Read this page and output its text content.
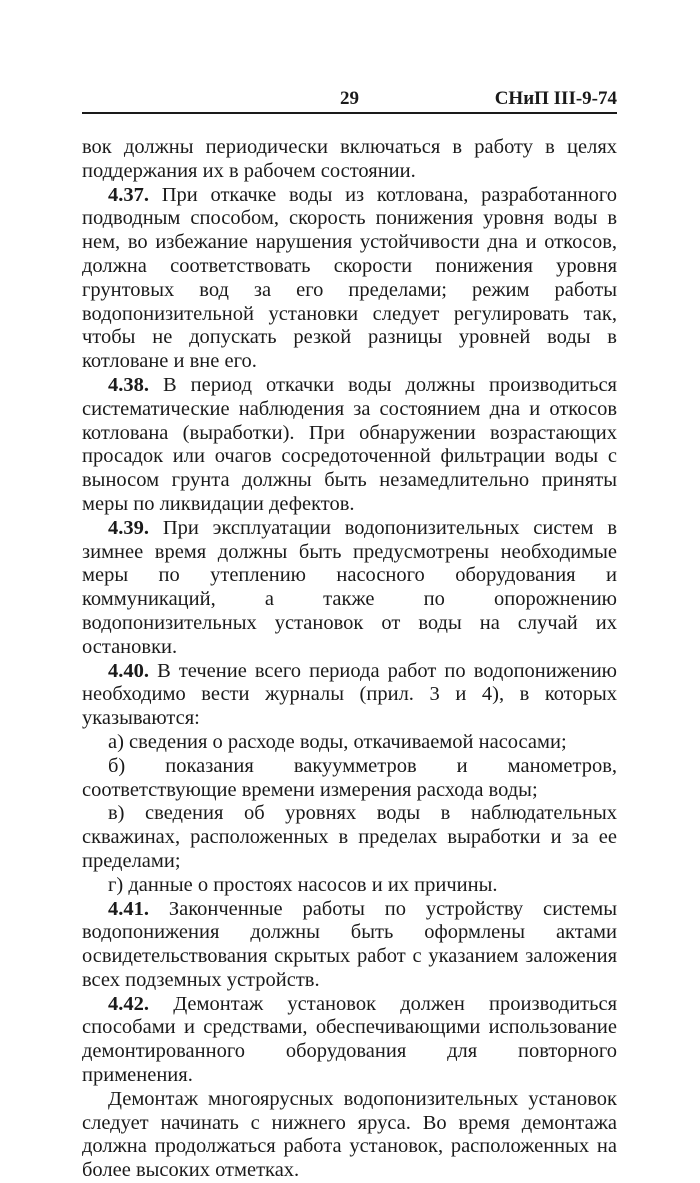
29	СНиП III-9-74

вок должны периодически включаться в работу в целях поддержания их в рабочем состоянии.

4.37. При откачке воды из котлована, разработанного подводным способом, скорость понижения уровня воды в нем, во избежание нарушения устойчивости дна и откосов, должна соответствовать скорости понижения уровня грунтовых вод за его пределами; режим работы водопонизительной установки следует регулировать так, чтобы не допускать резкой разницы уровней воды в котловане и вне его.

4.38. В период откачки воды должны производиться систематические наблюдения за состоянием дна и откосов котлована (выработки). При обнаружении возрастающих просадок или очагов сосредоточенной фильтрации воды с выносом грунта должны быть незамедлительно приняты меры по ликвидации дефектов.

4.39. При эксплуатации водопонизительных систем в зимнее время должны быть предусмотрены необходимые меры по утеплению насосного оборудования и коммуникаций, а также по опорожнению водопонизительных установок от воды на случай их остановки.

4.40. В течение всего периода работ по водопонижению необходимо вести журналы (прил. 3 и 4), в которых указываются:

а) сведения о расходе воды, откачиваемой насосами;

б) показания вакуумметров и манометров, соответствующие времени измерения расхода воды;

в) сведения об уровнях воды в наблюдательных скважинах, расположенных в пределах выработки и за ее пределами;

г) данные о простоях насосов и их причины.

4.41. Законченные работы по устройству системы водопонижения должны быть оформлены актами освидетельствования скрытых работ с указанием заложения всех подземных устройств.

4.42. Демонтаж установок должен производиться способами и средствами, обеспечивающими использование демонтированного оборудования для повторного применения.

Демонтаж многоярусных водопонизительных установок следует начинать с нижнего яруса. Во время демонтажа должна продолжаться работа установок, расположенных на более высоких отметках.
